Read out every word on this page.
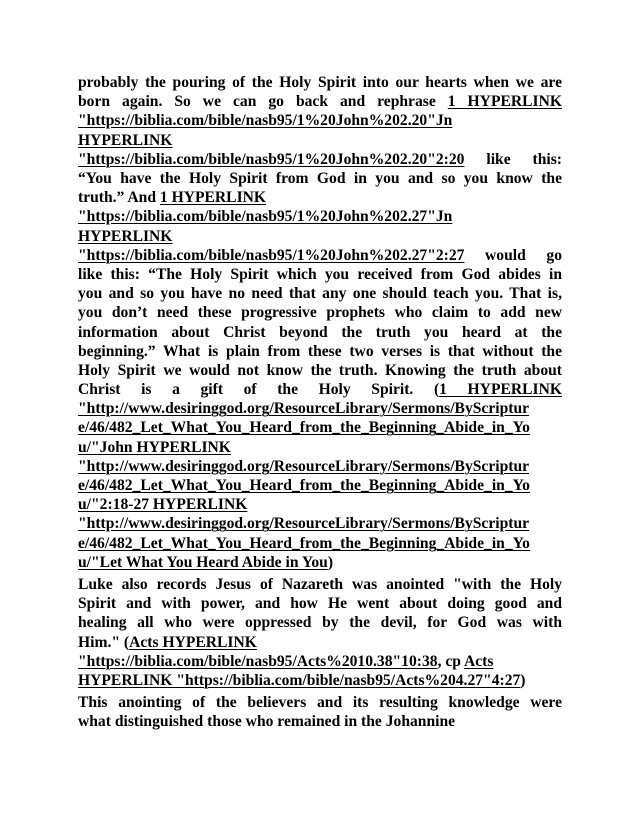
probably the pouring of the Holy Spirit into our hearts when we are
born again. So we can go back and rephrase 1 HYPERLINK
"https://biblia.com/bible/nasb95/1%20John%202.20"Jn
HYPERLINK
"https://biblia.com/bible/nasb95/1%20John%202.20"2:20 like this:
“You have the Holy Spirit from God in you and so you know the
truth.” And 1 HYPERLINK
"https://biblia.com/bible/nasb95/1%20John%202.27"Jn
HYPERLINK
"https://biblia.com/bible/nasb95/1%20John%202.27"2:27 would go
like this: “The Holy Spirit which you received from God abides in
you and so you have no need that any one should teach you. That is,
you don’t need these progressive prophets who claim to add new
information about Christ beyond the truth you heard at the
beginning.” What is plain from these two verses is that without the
Holy Spirit we would not know the truth. Knowing the truth about
Christ is a gift of the Holy Spirit. (1 HYPERLINK
"http://www.desiringgod.org/ResourceLibrary/Sermons/ByScriptur
e/46/482_Let_What_You_Heard_from_the_Beginning_Abide_in_Yo
u/"John HYPERLINK
"http://www.desiringgod.org/ResourceLibrary/Sermons/ByScriptur
e/46/482_Let_What_You_Heard_from_the_Beginning_Abide_in_Yo
u/"2:18-27 HYPERLINK
"http://www.desiringgod.org/ResourceLibrary/Sermons/ByScriptur
e/46/482_Let_What_You_Heard_from_the_Beginning_Abide_in_Yo
u/"Let What You Heard Abide in You)

Luke also records Jesus of Nazareth was anointed "with the Holy
Spirit and with power, and how He went about doing good and
healing all who were oppressed by the devil, for God was with
Him." (Acts HYPERLINK
"https://biblia.com/bible/nasb95/Acts%2010.38"10:38, cp Acts
HYPERLINK "https://biblia.com/bible/nasb95/Acts%204.27"4:27)

This anointing of the believers and its resulting knowledge were
what distinguished those who remained in the Johannine
